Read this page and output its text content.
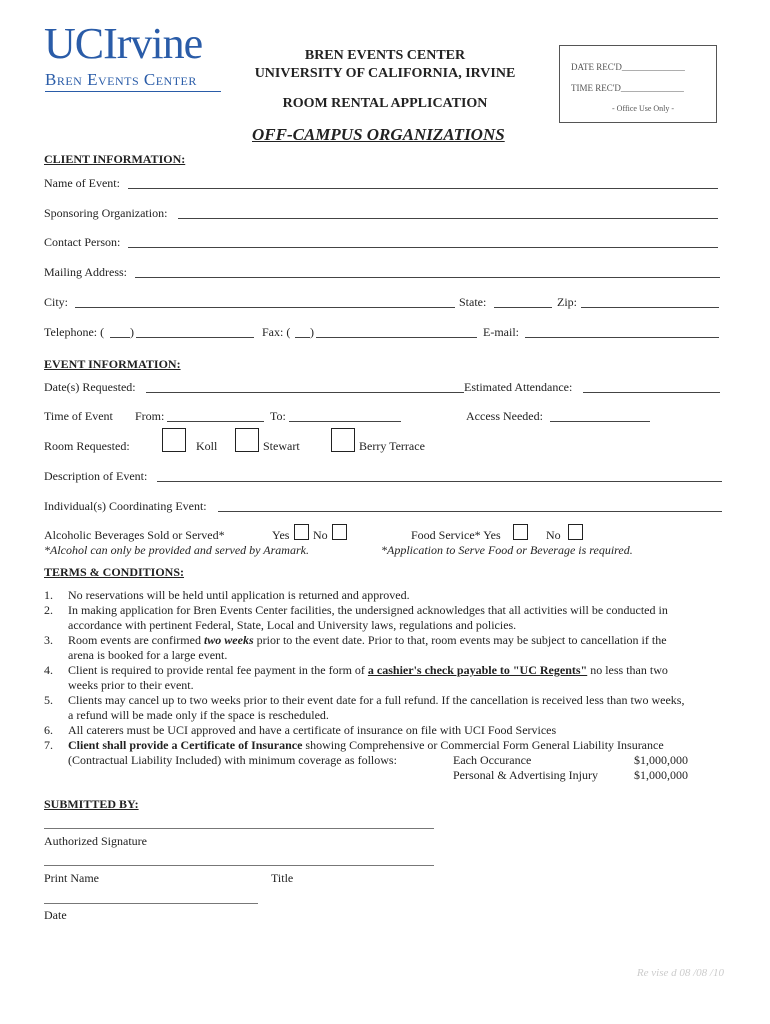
UCIrvine
Bren Events Center
BREN EVENTS CENTER
UNIVERSITY OF CALIFORNIA, IRVINE
ROOM RENTAL APPLICATION
OFF-CAMPUS ORGANIZATIONS
DATE REC'D______________
TIME REC'D______________
- Office Use Only -
CLIENT INFORMATION:
Name of Event:
Sponsoring Organization:
Contact Person:
Mailing Address:
City:	State:	Zip:
Telephone: ( )	Fax: ( )	E-mail:
EVENT INFORMATION:
Date(s) Requested:	Estimated Attendance:
Time of Event From:	To:	Access Needed:
Room Requested:	Koll	Stewart	Berry Terrace
Description of Event:
Individual(s) Coordinating Event:
Alcoholic Beverages Sold or Served*	Yes No	Food Service* Yes	No
*Alcohol can only be provided and served by Aramark.	*Application to Serve Food or Beverage is required.
TERMS & CONDITIONS:
1. No reservations will be held until application is returned and approved.
2. In making application for Bren Events Center facilities, the undersigned acknowledges that all activities will be conducted in
accordance with pertinent Federal, State, Local and University laws, regulations and policies.
3. Room events are confirmed two weeks prior to the event date. Prior to that, room events may be subject to cancellation if the
arena is booked for a large event.
4. Client is required to provide rental fee payment in the form of a cashier's check payable to "UC Regents" no less than two
weeks prior to their event.
5. Clients may cancel up to two weeks prior to their event date for a full refund. If the cancellation is received less than two weeks,
a refund will be made only if the space is rescheduled.
6. All caterers must be UCI approved and have a certificate of insurance on file with UCI Food Services
7. Client shall provide a Certificate of Insurance showing Comprehensive or Commercial Form General Liability Insurance
(Contractual Liability Included) with minimum coverage as follows:	Each Occurance	$1,000,000
Personal & Advertising Injury	$1,000,000
SUBMITTED BY:
Authorized Signature
Print Name	Title
Date
Re vise d 08 /08 /10
